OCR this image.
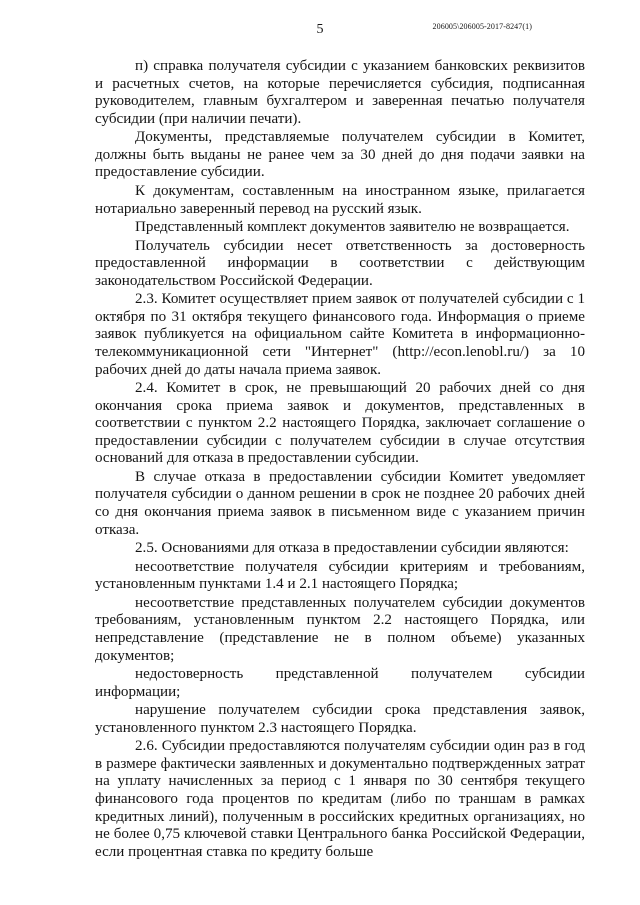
5	206005\206005-2017-8247(1)

п) справка получателя субсидии с указанием банковских реквизитов и расчетных счетов, на которые перечисляется субсидия, подписанная руководителем, главным бухгалтером и заверенная печатью получателя субсидии (при наличии печати).

Документы, представляемые получателем субсидии в Комитет, должны быть выданы не ранее чем за 30 дней до дня подачи заявки на предоставление субсидии.

К документам, составленным на иностранном языке, прилагается нотариально заверенный перевод на русский язык.

Представленный комплект документов заявителю не возвращается.

Получатель субсидии несет ответственность за достоверность предоставленной информации в соответствии с действующим законодательством Российской Федерации.

2.3. Комитет осуществляет прием заявок от получателей субсидии с 1 октября по 31 октября текущего финансового года. Информация о приеме заявок публикуется на официальном сайте Комитета в информационно-телекоммуникационной сети "Интернет" (http://econ.lenobl.ru/) за 10 рабочих дней до даты начала приема заявок.

2.4. Комитет в срок, не превышающий 20 рабочих дней со дня окончания срока приема заявок и документов, представленных в соответствии с пунктом 2.2 настоящего Порядка, заключает соглашение о предоставлении субсидии с получателем субсидии в случае отсутствия оснований для отказа в предоставлении субсидии.

В случае отказа в предоставлении субсидии Комитет уведомляет получателя субсидии о данном решении в срок не позднее 20 рабочих дней со дня окончания приема заявок в письменном виде с указанием причин отказа.

2.5. Основаниями для отказа в предоставлении субсидии являются:

несоответствие получателя субсидии критериям и требованиям, установленным пунктами 1.4 и 2.1 настоящего Порядка;

несоответствие представленных получателем субсидии документов требованиям, установленным пунктом 2.2 настоящего Порядка, или непредставление (представление не в полном объеме) указанных документов;

недостоверность представленной получателем субсидии информации;

нарушение получателем субсидии срока представления заявок, установленного пунктом 2.3 настоящего Порядка.

2.6. Субсидии предоставляются получателям субсидии один раз в год в размере фактически заявленных и документально подтвержденных затрат на уплату начисленных за период с 1 января по 30 сентября текущего финансового года процентов по кредитам (либо по траншам в рамках кредитных линий), полученным в российских кредитных организациях, но не более 0,75 ключевой ставки Центрального банка Российской Федерации, если процентная ставка по кредиту больше
